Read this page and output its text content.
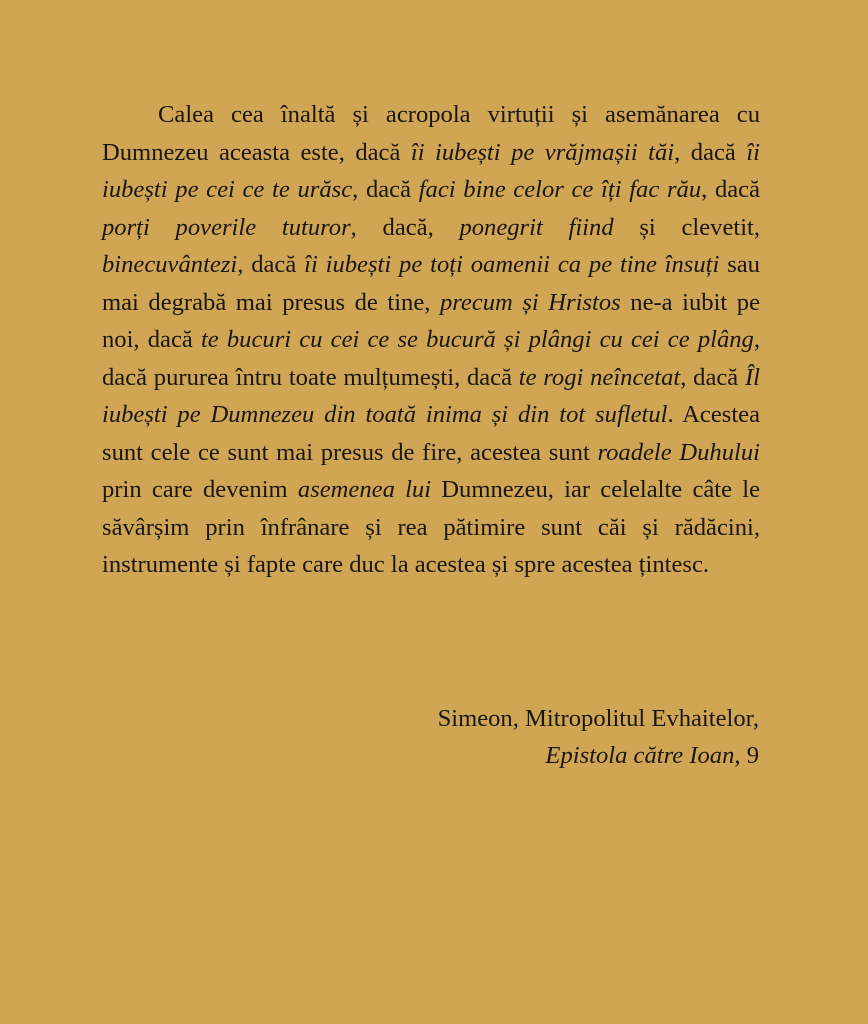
Calea cea înaltă și acropola virtuții și asemănarea cu Dumnezeu aceasta este, dacă îi iubești pe vrăjmașii tăi, dacă îi iubești pe cei ce te urăsc, dacă faci bine celor ce îți fac rău, dacă porți poverile tuturor, dacă, ponegrit fiind și clevetit, binecuvântezi, dacă îi iubești pe toți oamenii ca pe tine însuți sau mai degrabă mai presus de tine, precum și Hristos ne-a iubit pe noi, dacă te bucuri cu cei ce se bucură și plângi cu cei ce plâng, dacă pururea întru toate mulțumești, dacă te rogi neîncetat, dacă Îl iubești pe Dumnezeu din toată inima și din tot sufletul. Acestea sunt cele ce sunt mai presus de fire, acestea sunt roadele Duhului prin care devenim asemenea lui Dumnezeu, iar celelalte câte le săvârșim prin înfrânare și rea pătimire sunt căi și rădăcini, instrumente și fapte care duc la acestea și spre acestea țintesc.

Simeon, Mitropolitul Evhaitelor,
Epistola către Ioan, 9
